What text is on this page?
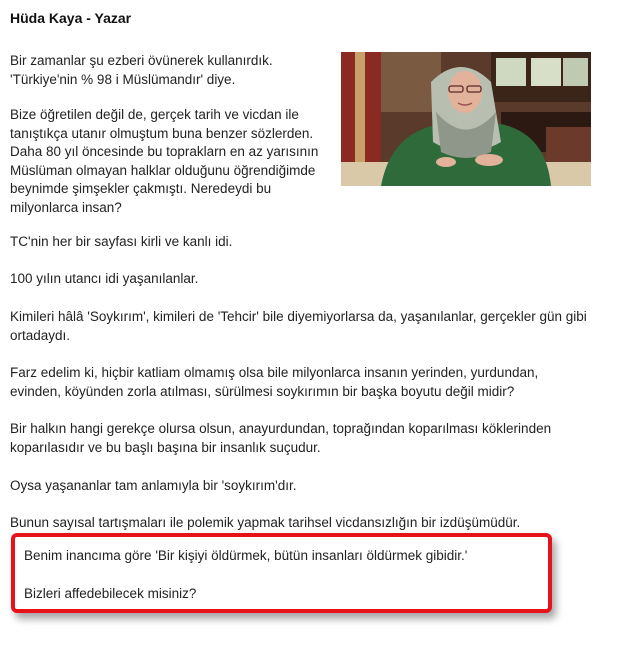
Hüda Kaya - Yazar

Bir zamanlar şu ezberi övünerek kullanırdık. 'Türkiye'nin % 98 i Müslümandır' diye.

Bize öğretilen değil de, gerçek tarih ve vicdan ile tanıştıkça utanır olmuştum buna benzer sözlerden. Daha 80 yıl öncesinde bu topraklarn en az yarısının Müslüman olmayan halklar olduğunu öğrendiğimde beynimde şimşekler çakmıştı. Neredeydi bu milyonlarca insan?

TC'nin her bir sayfası kirli ve kanlı idi.

100 yılın utancı idi yaşanılanlar.

Kimileri hâlâ 'Soykırım', kimileri de 'Tehcir' bile diyemiyorlarsa da, yaşanılanlar, gerçekler gün gibi ortadaydı.

Farz edelim ki, hiçbir katliam olmamış olsa bile milyonlarca insanın yerinden, yurdundan, evinden, köyünden zorla atılması, sürülmesi soykırımın bir başka boyutu değil midir?

Bir halkın hangi gerekçe olursa olsun, anayurdundan, toprağından koparılması köklerinden koparılasıdır ve bu başlı başına bir insanlık suçudur.

Oysa yaşananlar tam anlamıyla bir 'soykırım'dır.

Bunun sayısal tartışmaları ile polemik yapmak tarihsel vicdansızlığın bir izdüşümüdür.

Benim inancıma göre 'Bir kişiyi öldürmek, bütün insanları öldürmek gibidir.'

Bizleri affedebilecek misiniz?
